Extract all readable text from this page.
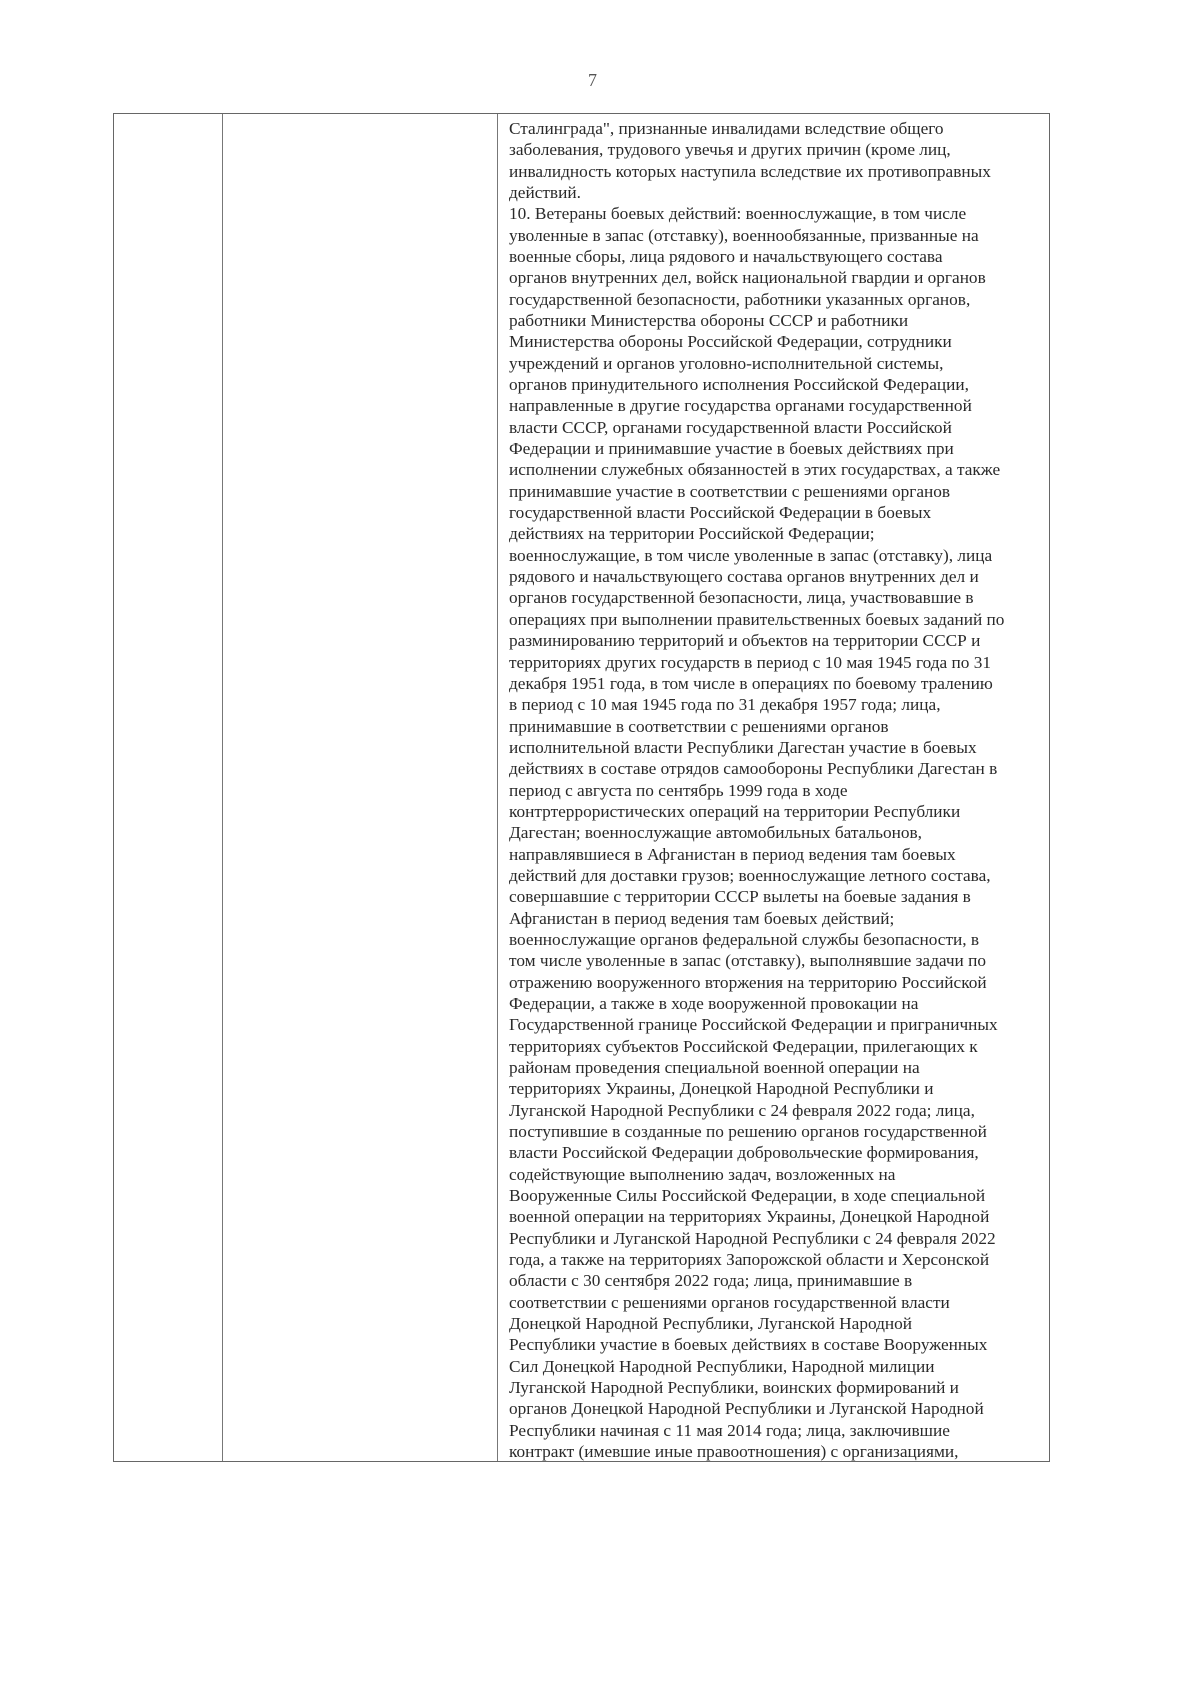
7
Сталинграда", признанные инвалидами вследствие общего
заболевания, трудового увечья и других причин (кроме лиц,
инвалидность которых наступила вследствие их противоправных
действий.
10. Ветераны боевых действий: военнослужащие, в том числе
уволенные в запас (отставку), военнообязанные, призванные на
военные сборы, лица рядового и начальствующего состава
органов внутренних дел, войск национальной гвардии и органов
государственной безопасности, работники указанных органов,
работники Министерства обороны СССР и работники
Министерства обороны Российской Федерации, сотрудники
учреждений и органов уголовно-исполнительной системы,
органов принудительного исполнения Российской Федерации,
направленные в другие государства органами государственной
власти СССР, органами государственной власти Российской
Федерации и принимавшие участие в боевых действиях при
исполнении служебных обязанностей в этих государствах, а также
принимавшие участие в соответствии с решениями органов
государственной власти Российской Федерации в боевых
действиях на территории Российской Федерации;
военнослужащие, в том числе уволенные в запас (отставку), лица
рядового и начальствующего состава органов внутренних дел и
органов государственной безопасности, лица, участвовавшие в
операциях при выполнении правительственных боевых заданий по
разминированию территорий и объектов на территории СССР и
территориях других государств в период с 10 мая 1945 года по 31
декабря 1951 года, в том числе в операциях по боевому тралению
в период с 10 мая 1945 года по 31 декабря 1957 года; лица,
принимавшие в соответствии с решениями органов
исполнительной власти Республики Дагестан участие в боевых
действиях в составе отрядов самообороны Республики Дагестан в
период с августа по сентябрь 1999 года в ходе
контртеррористических операций на территории Республики
Дагестан; военнослужащие автомобильных батальонов,
направлявшиеся в Афганистан в период ведения там боевых
действий для доставки грузов; военнослужащие летного состава,
совершавшие с территории СССР вылеты на боевые задания в
Афганистан в период ведения там боевых действий;
военнослужащие органов федеральной службы безопасности, в
том числе уволенные в запас (отставку), выполнявшие задачи по
отражению вооруженного вторжения на территорию Российской
Федерации, а также в ходе вооруженной провокации на
Государственной границе Российской Федерации и приграничных
территориях субъектов Российской Федерации, прилегающих к
районам проведения специальной военной операции на
территориях Украины, Донецкой Народной Республики и
Луганской Народной Республики с 24 февраля 2022 года; лица,
поступившие в созданные по решению органов государственной
власти Российской Федерации добровольческие формирования,
содействующие выполнению задач, возложенных на
Вооруженные Силы Российской Федерации, в ходе специальной
военной операции на территориях Украины, Донецкой Народной
Республики и Луганской Народной Республики с 24 февраля 2022
года, а также на территориях Запорожской области и Херсонской
области с 30 сентября 2022 года; лица, принимавшие в
соответствии с решениями органов государственной власти
Донецкой Народной Республики, Луганской Народной
Республики участие в боевых действиях в составе Вооруженных
Сил Донецкой Народной Республики, Народной милиции
Луганской Народной Республики, воинских формирований и
органов Донецкой Народной Республики и Луганской Народной
Республики начиная с 11 мая 2014 года; лица, заключившие
контракт (имевшие иные правоотношения) с организациями,
